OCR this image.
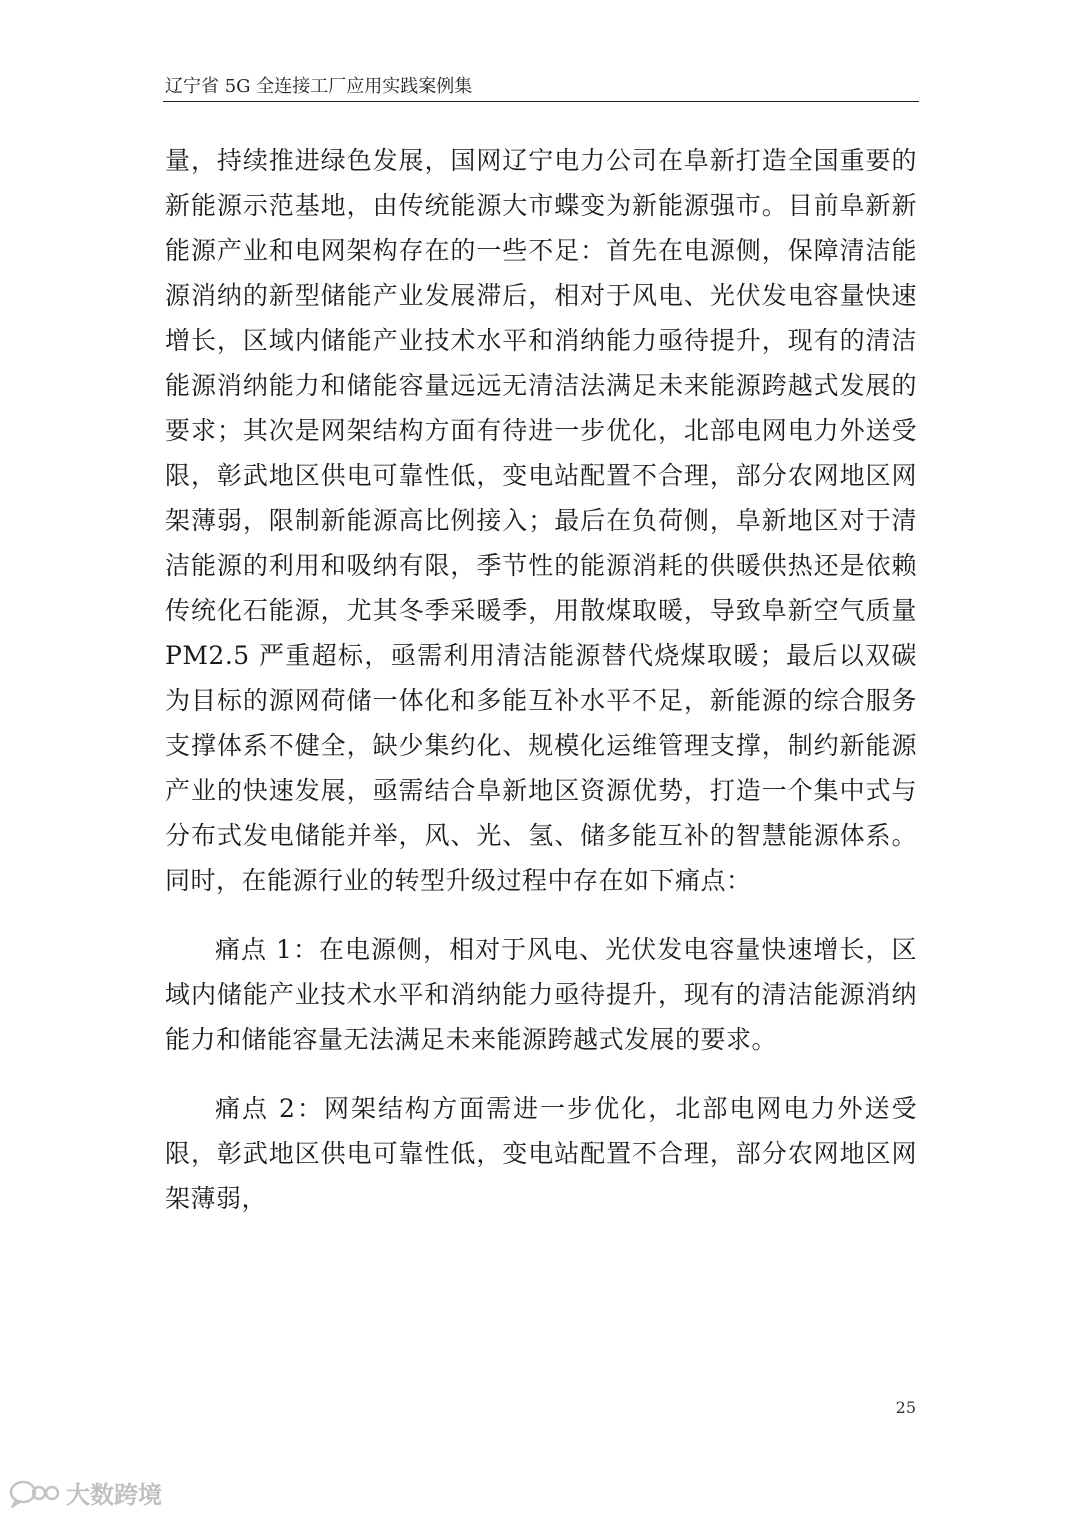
辽宁省 5G 全连接工厂应用实践案例集

量，持续推进绿色发展，国网辽宁电力公司在阜新打造全国重要的新能源示范基地，由传统能源大市蝶变为新能源强市。目前阜新新能源产业和电网架构存在的一些不足：首先在电源侧，保障清洁能源消纳的新型储能产业发展滞后，相对于风电、光伏发电容量快速增长，区域内储能产业技术水平和消纳能力亟待提升，现有的清洁能源消纳能力和储能容量远远无清洁法满足未来能源跨越式发展的要求；其次是网架结构方面有待进一步优化，北部电网电力外送受限，彰武地区供电可靠性低，变电站配置不合理，部分农网地区网架薄弱，限制新能源高比例接入；最后在负荷侧，阜新地区对于清洁能源的利用和吸纳有限，季节性的能源消耗的供暖供热还是依赖传统化石能源，尤其冬季采暖季，用散煤取暖，导致阜新空气质量 PM2.5 严重超标，亟需利用清洁能源替代烧煤取暖；最后以双碳为目标的源网荷储一体化和多能互补水平不足，新能源的综合服务支撑体系不健全，缺少集约化、规模化运维管理支撑，制约新能源产业的快速发展，亟需结合阜新地区资源优势，打造一个集中式与分布式发电储能并举，风、光、氢、储多能互补的智慧能源体系。同时，在能源行业的转型升级过程中存在如下痛点：

痛点 1：在电源侧，相对于风电、光伏发电容量快速增长，区域内储能产业技术水平和消纳能力亟待提升，现有的清洁能源消纳能力和储能容量无法满足未来能源跨越式发展的要求。

痛点 2：网架结构方面需进一步优化，北部电网电力外送受限，彰武地区供电可靠性低，变电站配置不合理，部分农网地区网架薄弱，

25
大数跨境
